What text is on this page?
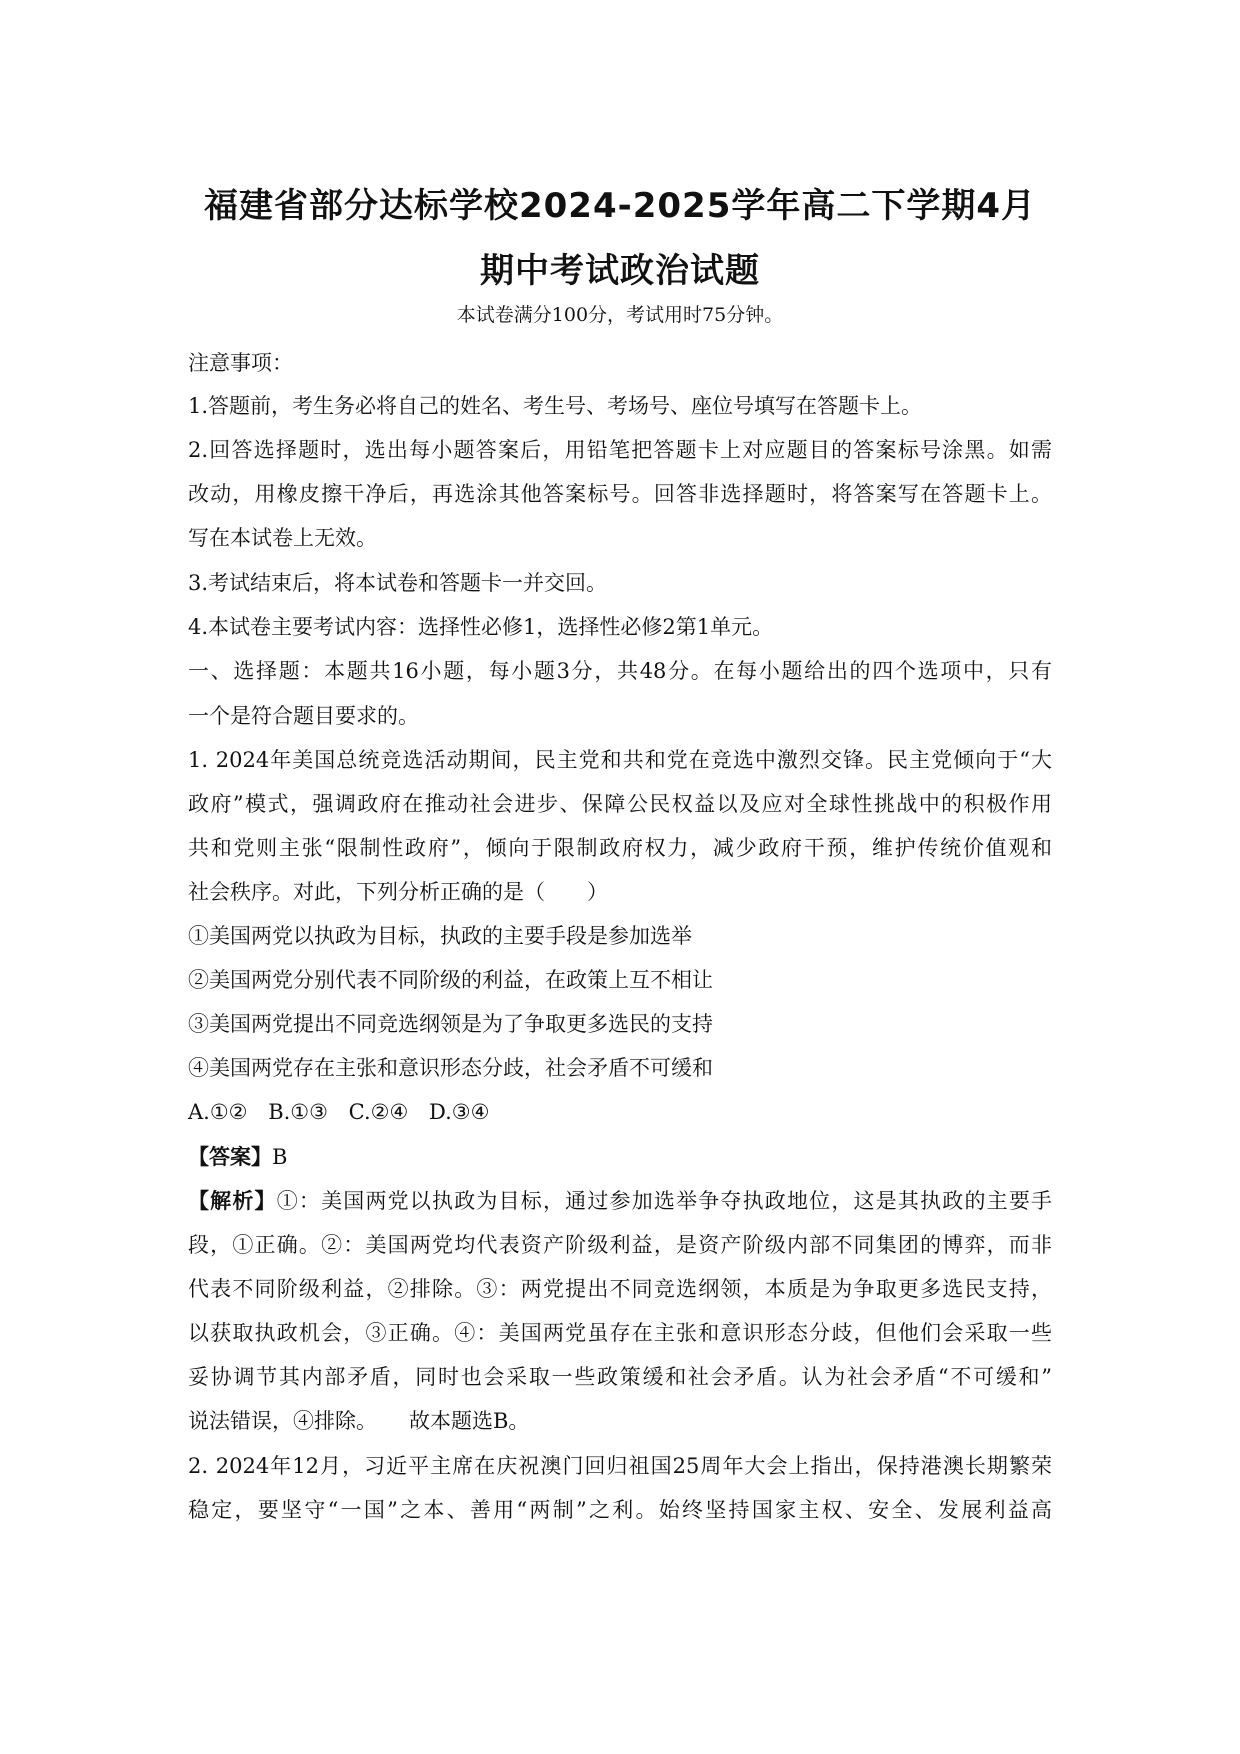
福建省部分达标学校2024-2025学年高二下学期4月
期中考试政治试题
本试卷满分100分，考试用时75分钟。
注意事项：
1.答题前，考生务必将自己的姓名、考生号、考场号、座位号填写在答题卡上。
2.回答选择题时，选出每小题答案后，用铅笔把答题卡上对应题目的答案标号涂黑。如需
改动，用橡皮擦干净后，再选涂其他答案标号。回答非选择题时，将答案写在答题卡上。
写在本试卷上无效。
3.考试结束后，将本试卷和答题卡一并交回。
4.本试卷主要考试内容：选择性必修1，选择性必修2第1单元。
一、选择题：本题共16小题，每小题3分，共48分。在每小题给出的四个选项中，只有
一个是符合题目要求的。
1. 2024年美国总统竞选活动期间，民主党和共和党在竞选中激烈交锋。民主党倾向于“大
政府”模式，强调政府在推动社会进步、保障公民权益以及应对全球性挑战中的积极作用
共和党则主张“限制性政府”，倾向于限制政府权力，减少政府干预，维护传统价值观和
社会秩序。对此，下列分析正确的是（　　）
①美国两党以执政为目标，执政的主要手段是参加选举
②美国两党分别代表不同阶级的利益，在政策上互不相让
③美国两党提出不同竞选纲领是为了争取更多选民的支持
④美国两党存在主张和意识形态分歧，社会矛盾不可缓和
A.①② B.①③ C.②④ D.③④
【答案】B
【解析】①：美国两党以执政为目标，通过参加选举争夺执政地位，这是其执政的主要手
段，①正确。②：美国两党均代表资产阶级利益，是资产阶级内部不同集团的博弈，而非
代表不同阶级利益，②排除。③：两党提出不同竞选纲领，本质是为争取更多选民支持，
以获取执政机会，③正确。④：美国两党虽存在主张和意识形态分歧，但他们会采取一些
妥协调节其内部矛盾，同时也会采取一些政策缓和社会矛盾。认为社会矛盾“不可缓和”
说法错误，④排除。 故本题选B。
2. 2024年12月，习近平主席在庆祝澳门回归祖国25周年大会上指出，保持港澳长期繁荣
稳定，要坚守“一国”之本、善用“两制”之利。始终坚持国家主权、安全、发展利益高
